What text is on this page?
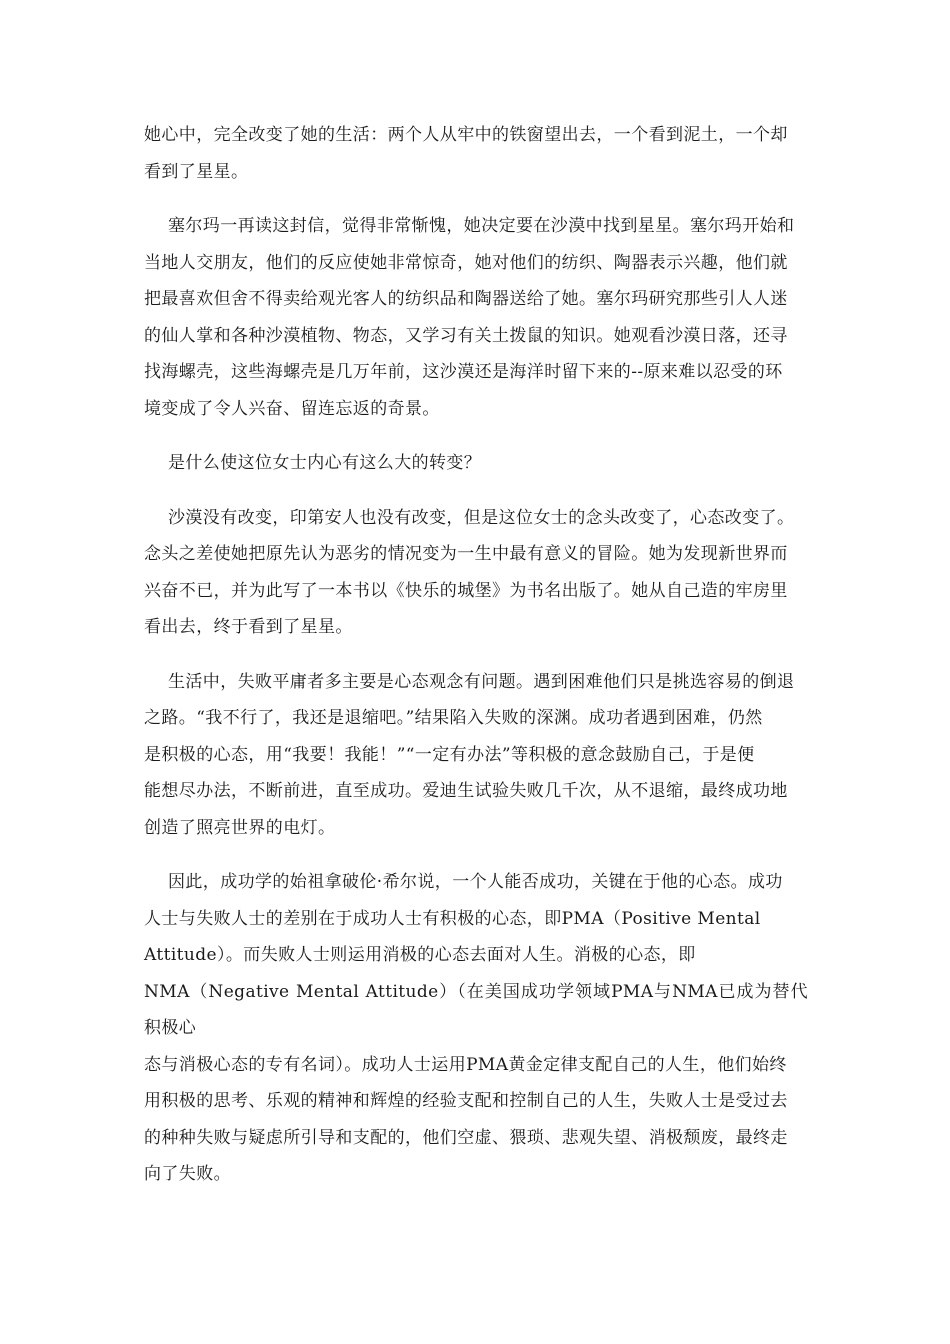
她心中，完全改变了她的生活：两个人从牢中的铁窗望出去，一个看到泥土，一个却
看到了星星。

塞尔玛一再读这封信，觉得非常惭愧，她决定要在沙漠中找到星星。塞尔玛开始和
当地人交朋友，他们的反应使她非常惊奇，她对他们的纺织、陶器表示兴趣，他们就
把最喜欢但舍不得卖给观光客人的纺织品和陶器送给了她。塞尔玛研究那些引人人迷
的仙人掌和各种沙漠植物、物态，又学习有关土拨鼠的知识。她观看沙漠日落，还寻
找海螺壳，这些海螺壳是几万年前，这沙漠还是海洋时留下来的--原来难以忍受的环
境变成了令人兴奋、留连忘返的奇景。

是什么使这位女士内心有这么大的转变？

沙漠没有改变，印第安人也没有改变，但是这位女士的念头改变了，心态改变了。
念头之差使她把原先认为恶劣的情况变为一生中最有意义的冒险。她为发现新世界而
兴奋不已，并为此写了一本书以《快乐的城堡》为书名出版了。她从自己造的牢房里
看出去，终于看到了星星。

生活中，失败平庸者多主要是心态观念有问题。遇到困难他们只是挑选容易的倒退
之路。“我不行了，我还是退缩吧。”结果陷入失败的深渊。成功者遇到困难，仍然
是积极的心态，用“我要！我能！”“一定有办法”等积极的意念鼓励自己，于是便
能想尽办法，不断前进，直至成功。爱迪生试验失败几千次，从不退缩，最终成功地
创造了照亮世界的电灯。

因此，成功学的始祖拿破伦·希尔说，一个人能否成功，关键在于他的心态。成功
人士与失败人士的差别在于成功人士有积极的心态，即PMA（Positive Mental
Attitude）。而失败人士则运用消极的心态去面对人生。消极的心态，即
NMA（Negative Mental Attitude）（在美国成功学领域PMA与NMA已成为替代积极心
态与消极心态的专有名词）。成功人士运用PMA黄金定律支配自己的人生，他们始终
用积极的思考、乐观的精神和辉煌的经验支配和控制自己的人生，失败人士是受过去
的种种失败与疑虑所引导和支配的，他们空虚、猥琐、悲观失望、消极颓废，最终走
向了失败。
